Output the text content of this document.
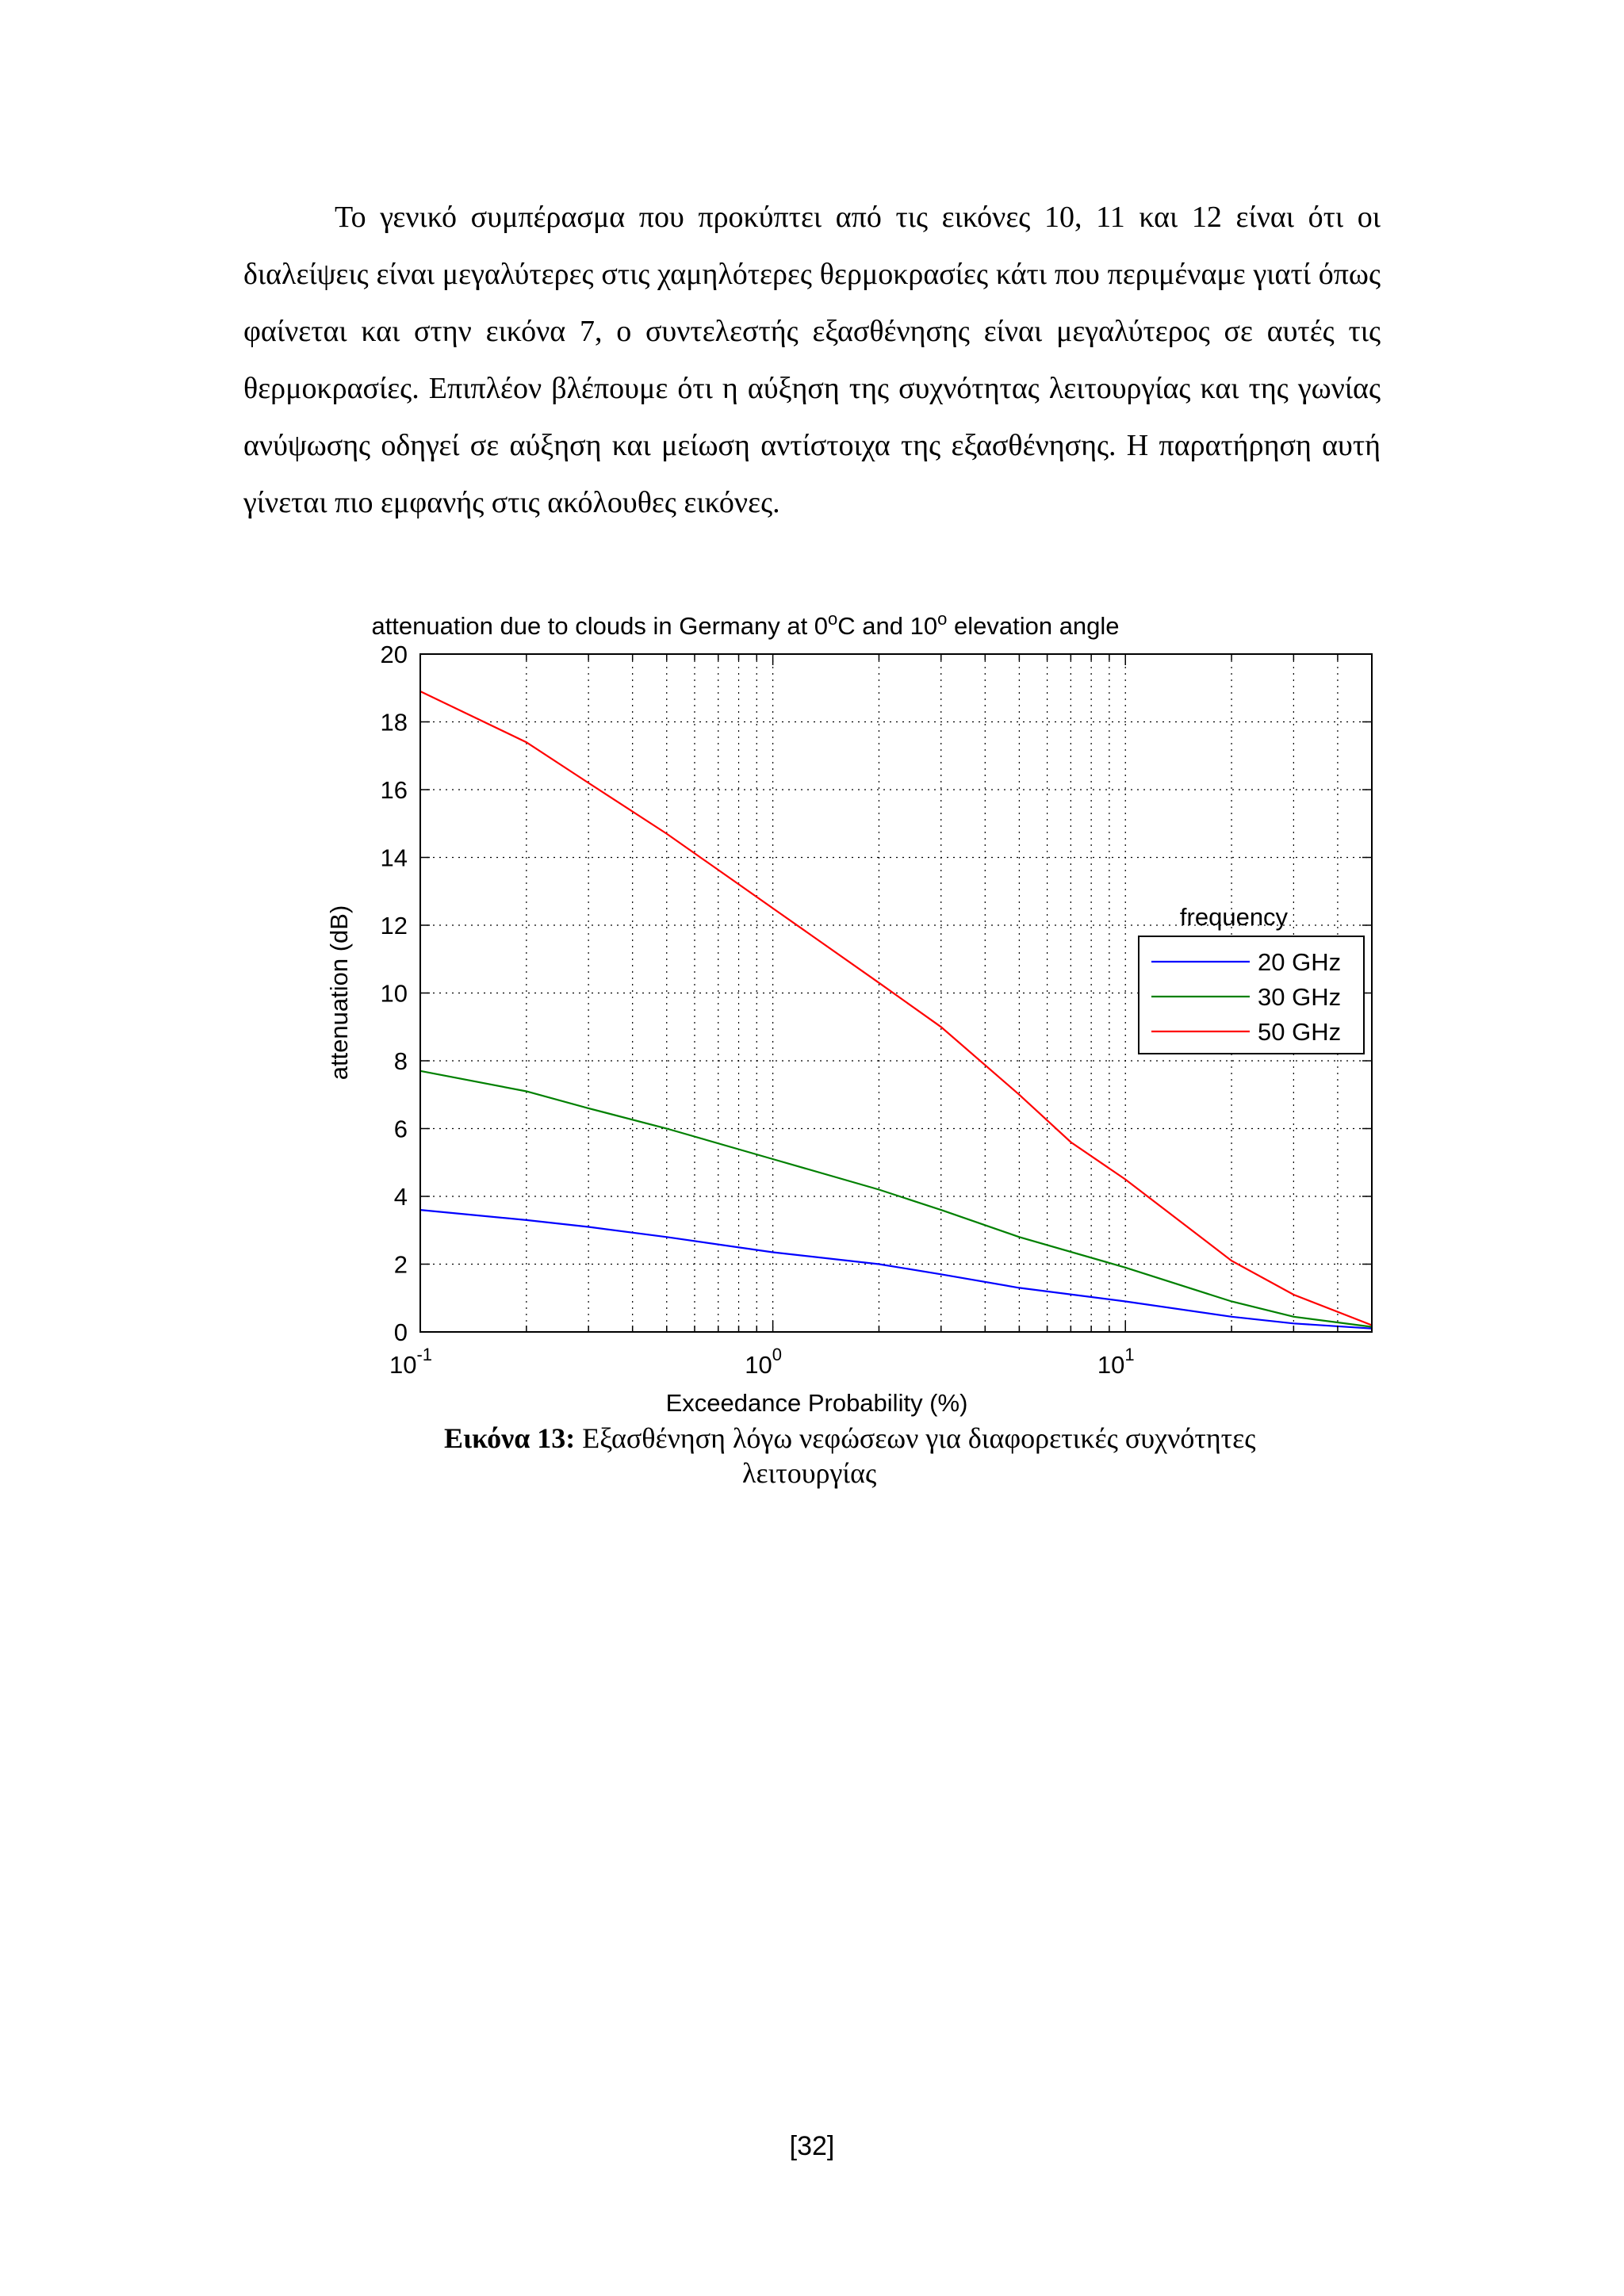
Το γενικό συμπέρασμα που προκύπτει από τις εικόνες 10, 11 και 12 είναι ότι οι διαλείψεις είναι μεγαλύτερες στις χαμηλότερες θερμοκρασίες κάτι που περιμέναμε γιατί όπως φαίνεται και στην εικόνα 7, ο συντελεστής εξασθένησης είναι μεγαλύτερος σε αυτές τις θερμοκρασίες. Επιπλέον βλέπουμε ότι η αύξηση της συχνότητας λειτουργίας και της γωνίας ανύψωσης οδηγεί σε αύξηση και μείωση αντίστοιχα της εξασθένησης. Η παρατήρηση αυτή γίνεται πιο εμφανής στις ακόλουθες εικόνες.

attenuation due to clouds in Germany at 0$^o$C and 10$^o$ elevation angle
0
2
4
6
8
10
12
14
16
18
20
$10^{-1}$	$10^0$	$10^1$
Exceedance Probability (%)
attenuation (dB)	frequency
20 GHz
30 GHz
50 GHz
Εικόνα 13: Εξασθένηση λόγω νεφώσεων για διαφορετικές συχνότητες
λειτουργίας
[32]
